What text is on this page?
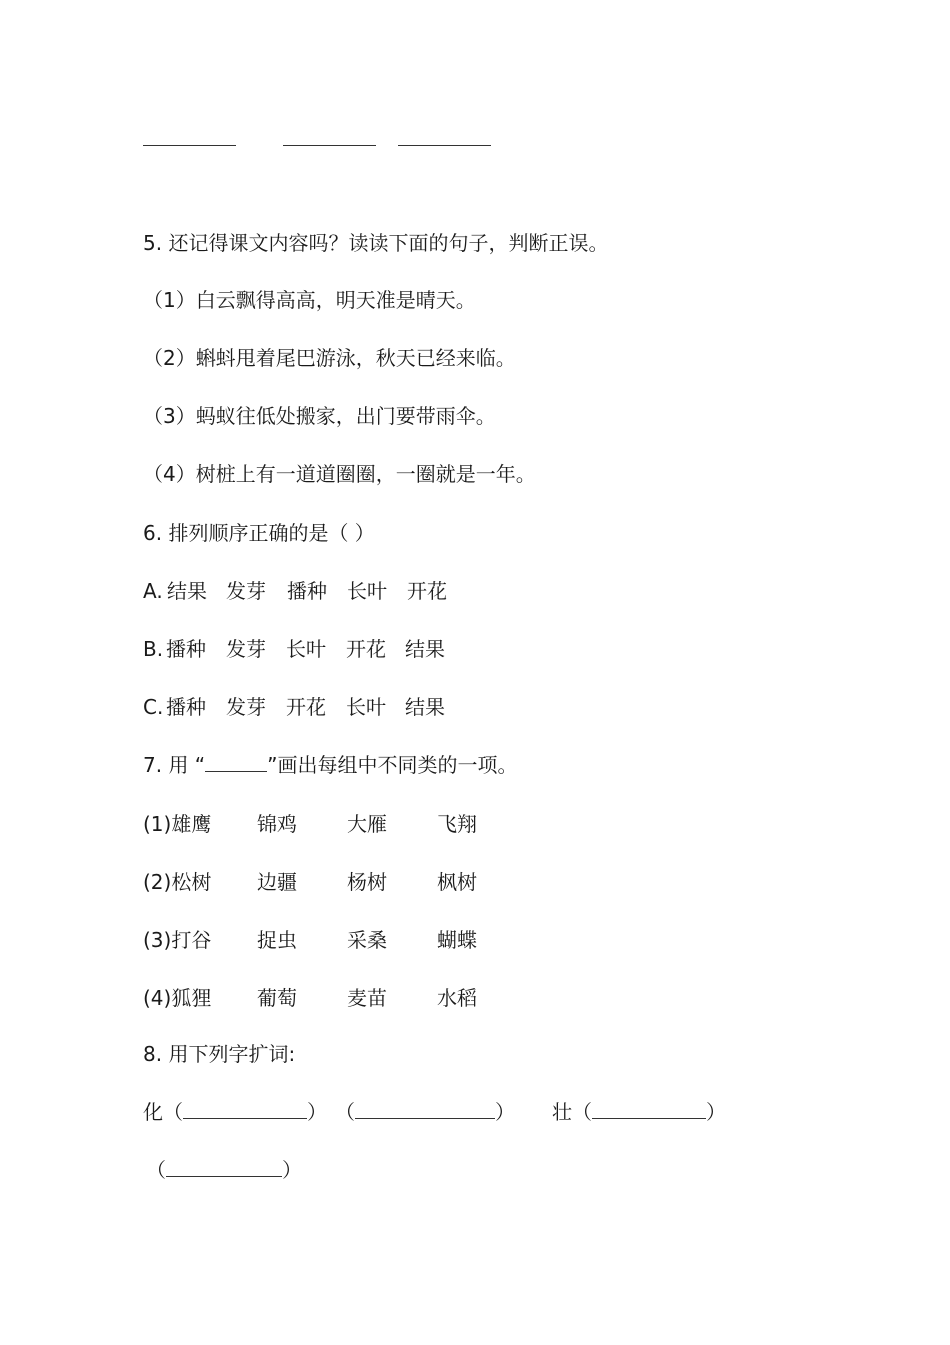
5. 还记得课文内容吗？读读下面的句子，判断正误。
（1）白云飘得高高，明天准是晴天。
（2）蝌蚪甩着尾巴游泳，秋天已经来临。
（3）蚂蚁往低处搬家，出门要带雨伞。
（4）树桩上有一道道圈圈，一圈就是一年。
6. 排列顺序正确的是（ ）
A. 结果 发芽 播种 长叶 开花
B. 播种 发芽 长叶 开花 结果
C. 播种 发芽 开花 长叶 结果
7. 用 “	”画出每组中不同类的一项。
(1)雄鹰 锦鸡	大雁	飞翔
(2)松树 边疆	杨树	枫树
(3)打谷 捉虫	采桑	蝴蝶
(4)狐狸 葡萄	麦苗	水稻
8. 用下列字扩词:
化（	） （	） 壮（	）
（	）
